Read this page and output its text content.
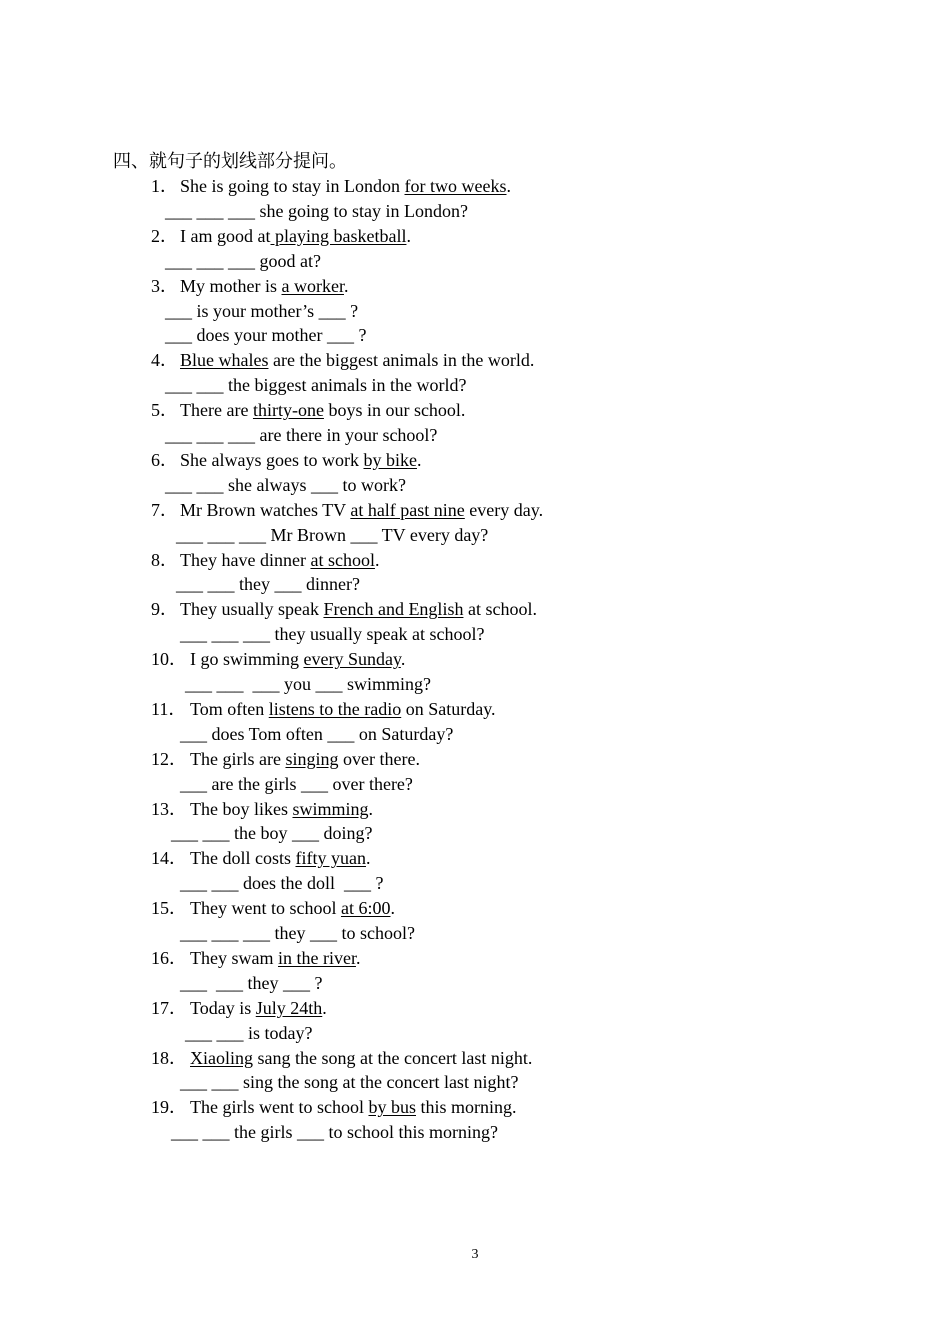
四、就句子的划线部分提问。
1． She is going to stay in London for two weeks.
___ ___ ___ she going to stay in London?
2． I am good at playing basketball.
___ ___ ___ good at?
3． My mother is a worker.
___ is your mother’s ___ ?
___ does your mother ___ ?
4． Blue whales are the biggest animals in the world.
___ ___ the biggest animals in the world?
5． There are thirty-one boys in our school.
___ ___ ___ are there in your school?
6． She always goes to work by bike.
___ ___ she always ___ to work?
7． Mr Brown watches TV at half past nine every day.
___ ___ ___ Mr Brown ___ TV every day?
8． They have dinner at school.
___ ___ they ___ dinner?
9． They usually speak French and English at school.
___ ___ ___ they usually speak at school?
10． I go swimming every Sunday.
___ ___  ___ you ___ swimming?
11． Tom often listens to the radio on Saturday.
___ does Tom often ___ on Saturday?
12． The girls are singing over there.
___ are the girls ___ over there?
13． The boy likes swimming.
___ ___ the boy ___ doing?
14． The doll costs fifty yuan.
___ ___ does the doll  ___ ?
15． They went to school at 6:00.
___ ___ ___ they ___ to school?
16． They swam in the river.
___  ___ they ___ ?
17． Today is July 24th.
___ ___ is today?
18． Xiaoling sang the song at the concert last night.
___ ___ sing the song at the concert last night?
19． The girls went to school by bus this morning.
___ ___ the girls ___ to school this morning?
3
